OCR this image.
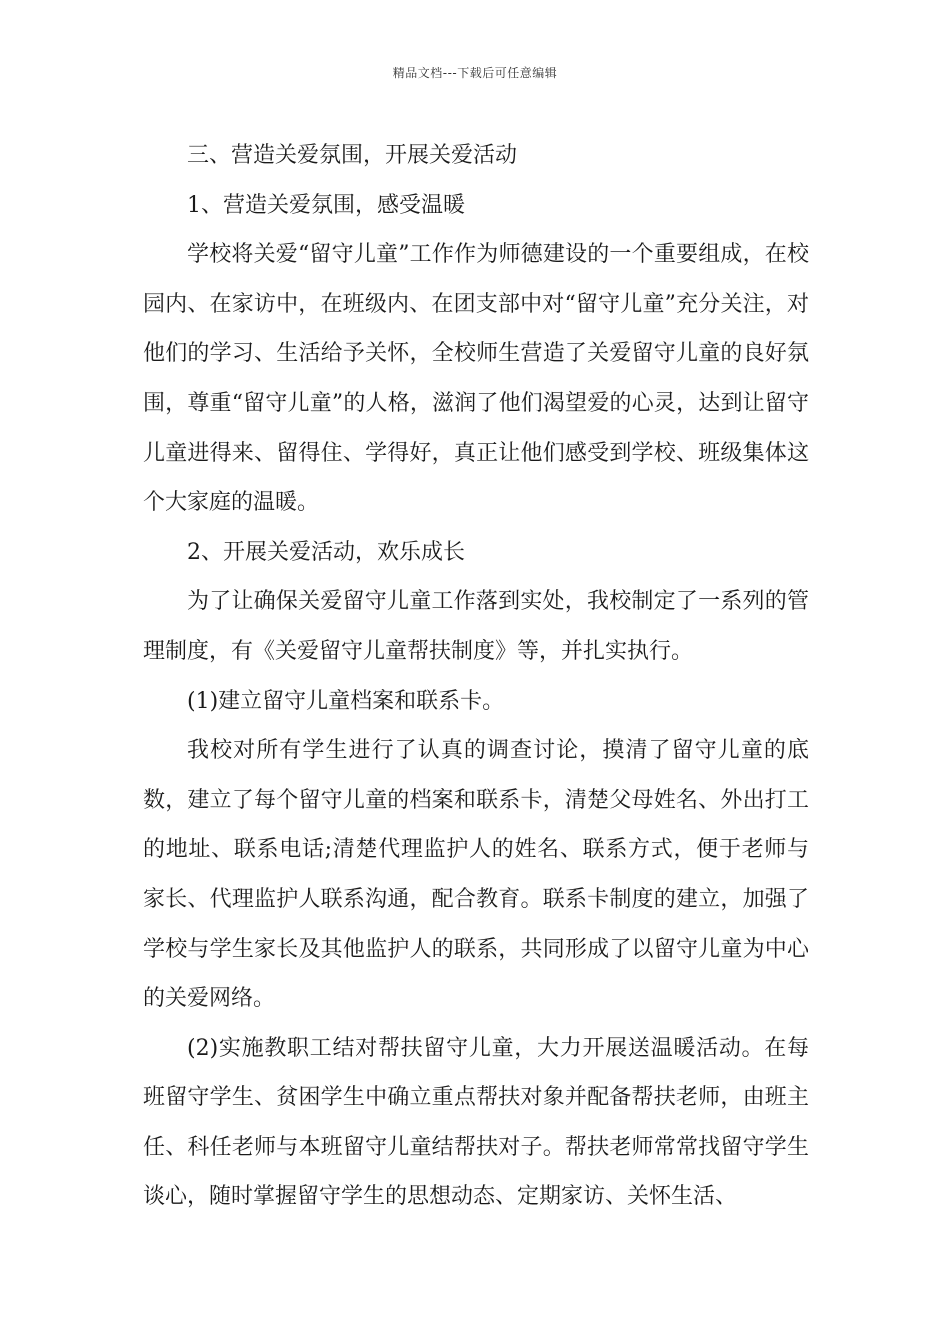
精品文档---下载后可任意编辑

三、营造关爱氛围，开展关爱活动

1、营造关爱氛围，感受温暖

学校将关爱“留守儿童”工作作为师德建设的一个重要组成，在校园内、在家访中，在班级内、在团支部中对“留守儿童”充分关注，对他们的学习、生活给予关怀，全校师生营造了关爱留守儿童的良好氛围，尊重“留守儿童”的人格，滋润了他们渴望爱的心灵，达到让留守儿童进得来、留得住、学得好，真正让他们感受到学校、班级集体这个大家庭的温暖。

2、开展关爱活动，欢乐成长

为了让确保关爱留守儿童工作落到实处，我校制定了一系列的管理制度，有《关爱留守儿童帮扶制度》等，并扎实执行。

(1)建立留守儿童档案和联系卡。

我校对所有学生进行了认真的调查讨论，摸清了留守儿童的底数，建立了每个留守儿童的档案和联系卡，清楚父母姓名、外出打工的地址、联系电话;清楚代理监护人的姓名、联系方式，便于老师与家长、代理监护人联系沟通，配合教育。联系卡制度的建立，加强了学校与学生家长及其他监护人的联系，共同形成了以留守儿童为中心的关爱网络。

(2)实施教职工结对帮扶留守儿童，大力开展送温暖活动。在每班留守学生、贫困学生中确立重点帮扶对象并配备帮扶老师，由班主任、科任老师与本班留守儿童结帮扶对子。帮扶老师常常找留守学生谈心，随时掌握留守学生的思想动态、定期家访、关怀生活、
